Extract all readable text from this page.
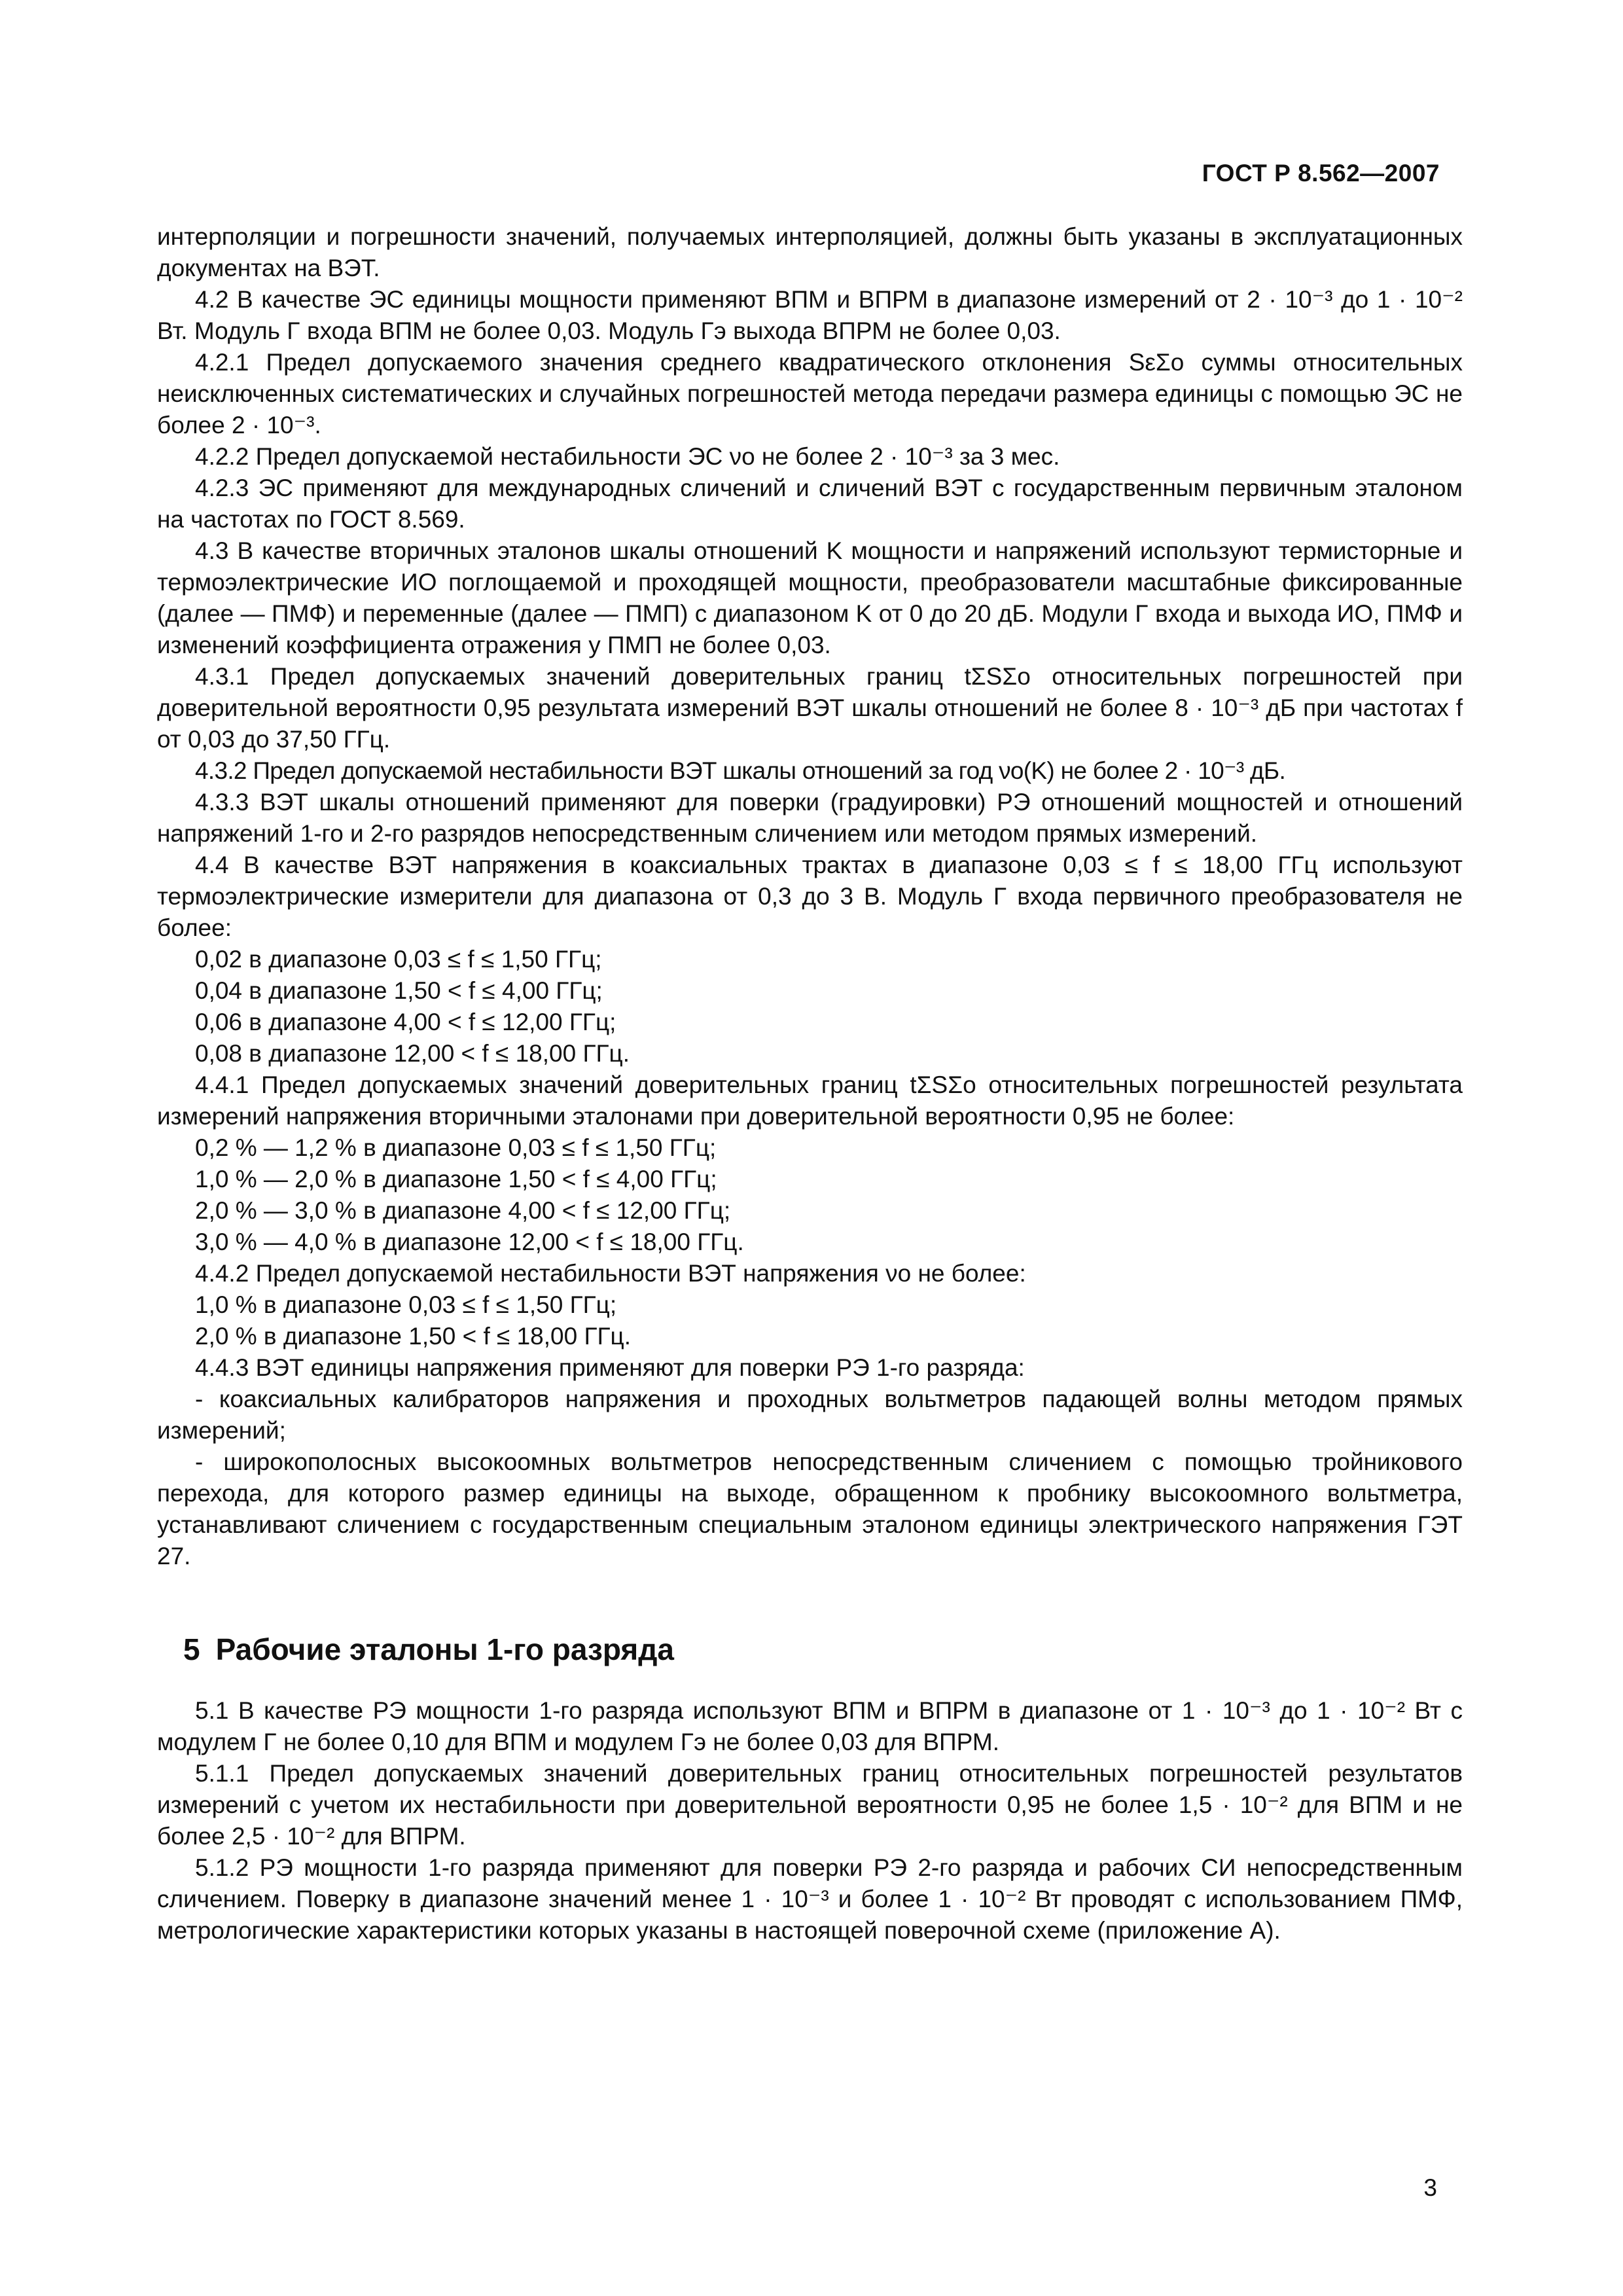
ГОСТ Р 8.562—2007

интерполяции и погрешности значений, получаемых интерполяцией, должны быть указаны в эксплуатационных документах на ВЭТ.

4.2 В качестве ЭС единицы мощности применяют ВПМ и ВПРМ в диапазоне измерений от 2 · 10⁻³ до 1 · 10⁻² Вт. Модуль Γ входа ВПМ не более 0,03. Модуль Γэ выхода ВПРМ не более 0,03.

4.2.1 Предел допускаемого значения среднего квадратического отклонения SεΣо суммы относительных неисключенных систематических и случайных погрешностей метода передачи размера единицы с помощью ЭС не более 2 · 10⁻³.

4.2.2 Предел допускаемой нестабильности ЭС νо не более 2 · 10⁻³ за 3 мес.

4.2.3 ЭС применяют для международных сличений и сличений ВЭТ с государственным первичным эталоном на частотах по ГОСТ 8.569.

4.3 В качестве вторичных эталонов шкалы отношений K мощности и напряжений используют термисторные и термоэлектрические ИО поглощаемой и проходящей мощности, преобразователи масштабные фиксированные (далее — ПМФ) и переменные (далее — ПМП) с диапазоном K от 0 до 20 дБ. Модули Γ входа и выхода ИО, ПМФ и изменений коэффициента отражения у ПМП не более 0,03.

4.3.1 Предел допускаемых значений доверительных границ tΣSΣо относительных погрешностей при доверительной вероятности 0,95 результата измерений ВЭТ шкалы отношений не более 8 · 10⁻³ дБ при частотах f от 0,03 до 37,50 ГГц.

4.3.2 Предел допускаемой нестабильности ВЭТ шкалы отношений за год νо(K) не более 2 · 10⁻³ дБ.

4.3.3 ВЭТ шкалы отношений применяют для поверки (градуировки) РЭ отношений мощностей и отношений напряжений 1-го и 2-го разрядов непосредственным сличением или методом прямых измерений.

4.4 В качестве ВЭТ напряжения в коаксиальных трактах в диапазоне 0,03 ≤ f ≤ 18,00 ГГц используют термоэлектрические измерители для диапазона от 0,3 до 3 В. Модуль Γ входа первичного преобразователя не более:

0,02 в диапазоне 0,03 ≤ f ≤ 1,50 ГГц;

0,04 в диапазоне 1,50 < f ≤ 4,00 ГГц;

0,06 в диапазоне 4,00 < f ≤ 12,00 ГГц;

0,08 в диапазоне 12,00 < f ≤ 18,00 ГГц.

4.4.1 Предел допускаемых значений доверительных границ tΣSΣо относительных погрешностей результата измерений напряжения вторичными эталонами при доверительной вероятности 0,95 не более:

0,2 % — 1,2 % в диапазоне 0,03 ≤ f ≤ 1,50 ГГц;

1,0 % — 2,0 % в диапазоне 1,50 < f ≤ 4,00 ГГц;

2,0 % — 3,0 % в диапазоне 4,00 < f ≤ 12,00 ГГц;

3,0 % — 4,0 % в диапазоне 12,00 < f ≤ 18,00 ГГц.

4.4.2 Предел допускаемой нестабильности ВЭТ напряжения νо не более:

1,0 % в диапазоне 0,03 ≤ f ≤ 1,50 ГГц;

2,0 % в диапазоне 1,50 < f ≤ 18,00 ГГц.

4.4.3 ВЭТ единицы напряжения применяют для поверки РЭ 1-го разряда:

- коаксиальных калибраторов напряжения и проходных вольтметров падающей волны методом прямых измерений;

- широкополосных высокоомных вольтметров непосредственным сличением с помощью тройникового перехода, для которого размер единицы на выходе, обращенном к пробнику высокоомного вольтметра, устанавливают сличением с государственным специальным эталоном единицы электрического напряжения ГЭТ 27.

5 Рабочие эталоны 1-го разряда

5.1 В качестве РЭ мощности 1-го разряда используют ВПМ и ВПРМ в диапазоне от 1 · 10⁻³ до 1 · 10⁻² Вт с модулем Γ не более 0,10 для ВПМ и модулем Γэ не более 0,03 для ВПРМ.

5.1.1 Предел допускаемых значений доверительных границ относительных погрешностей результатов измерений с учетом их нестабильности при доверительной вероятности 0,95 не более 1,5 · 10⁻² для ВПМ и не более 2,5 · 10⁻² для ВПРМ.

5.1.2 РЭ мощности 1-го разряда применяют для поверки РЭ 2-го разряда и рабочих СИ непосредственным сличением. Поверку в диапазоне значений менее 1 · 10⁻³ и более 1 · 10⁻² Вт проводят с использованием ПМФ, метрологические характеристики которых указаны в настоящей поверочной схеме (приложение А).

3
